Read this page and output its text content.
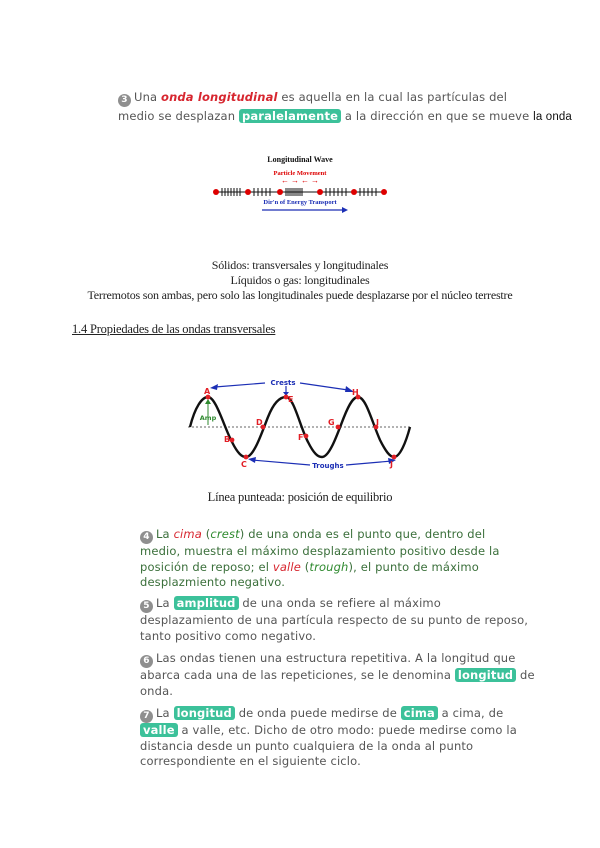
3 Una onda longitudinal es aquella en la cual las partículas del
medio se desplazan paralelamente a la dirección en que se mueve la onda
Longitudinal Wave
Particle Movement
← → ← →
Dir'n of Energy Transport
Sólidos: transversales y longitudinales
Líquidos o gas: longitudinales
Terremotos son ambas, pero solo las longitudinales puede desplazarse por el núcleo terrestre
1.4 Propiedades de las ondas transversales
Crests
Troughs
Amp
A
B
C
D
E
F
G
H
I
J
Línea punteada: posición de equilibrio
4 La cima (crest) de una onda es el punto que, dentro del
medio, muestra el máximo desplazamiento positivo desde la
posición de reposo; el valle (trough), el punto de máximo
desplazmiento negativo.
5 La amplitud de una onda se refiere al máximo
desplazamiento de una partícula respecto de su punto de reposo,
tanto positivo como negativo.
6 Las ondas tienen una estructura repetitiva. A la longitud que
abarca cada una de las repeticiones, se le denomina longitud de
onda.
7 La longitud de onda puede medirse de cima a cima, de
valle a valle, etc. Dicho de otro modo: puede medirse como la
distancia desde un punto cualquiera de la onda al punto
correspondiente en el siguiente ciclo.
